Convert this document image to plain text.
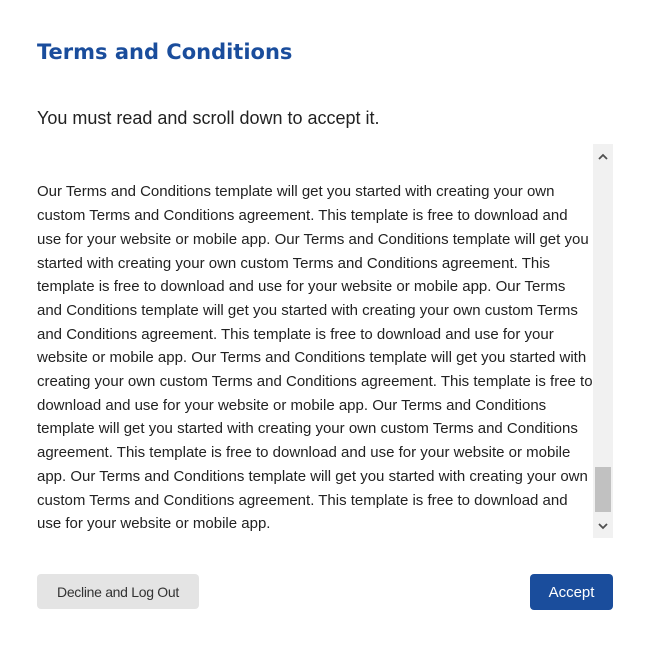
Terms and Conditions

You must read and scroll down to accept it.

Our Terms and Conditions template will get you started with creating your own custom Terms and Conditions agreement. This template is free to download and use for your website or mobile app. Our Terms and Conditions template will get you started with creating your own custom Terms and Conditions agreement. This template is free to download and use for your website or mobile app. Our Terms and Conditions template will get you started with creating your own custom Terms and Conditions agreement. This template is free to download and use for your website or mobile app. Our Terms and Conditions template will get you started with creating your own custom Terms and Conditions agreement. This template is free to download and use for your website or mobile app. Our Terms and Conditions template will get you started with creating your own custom Terms and Conditions agreement. This template is free to download and use for your website or mobile app. Our Terms and Conditions template will get you started with creating your own custom Terms and Conditions agreement. This template is free to download and use for your website or mobile app.

Decline and Log Out	Accept
